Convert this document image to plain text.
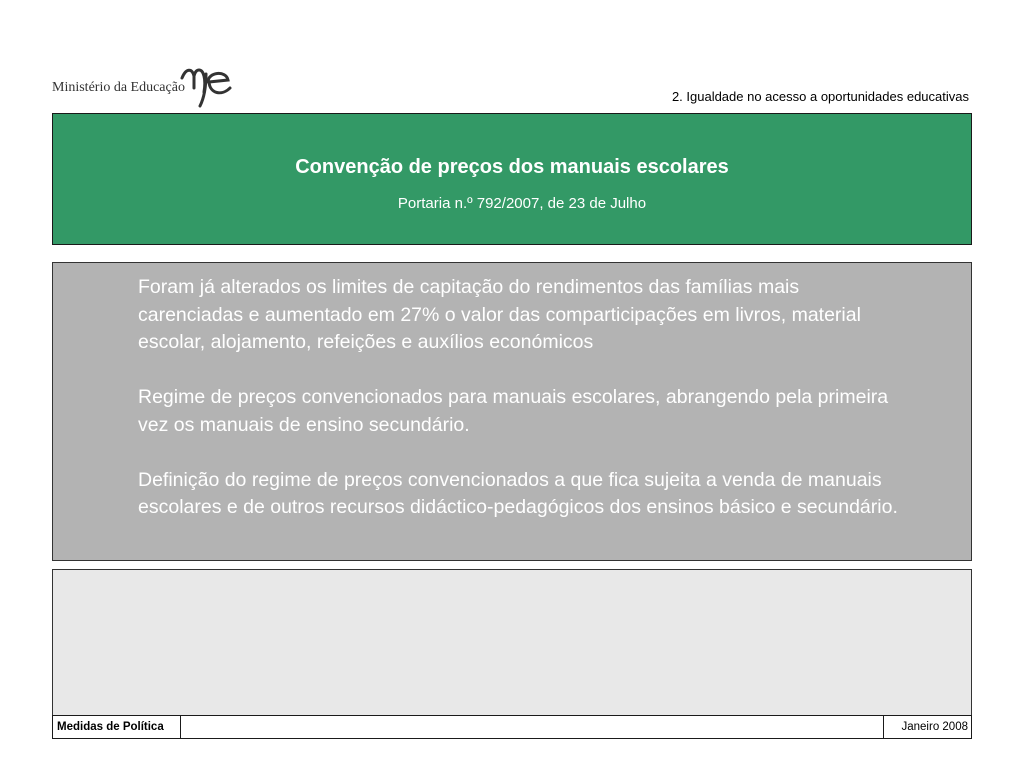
Ministério da Educação
2. Igualdade no acesso a oportunidades educativas
Convenção de preços dos manuais escolares
Portaria n.º 792/2007, de 23 de Julho

Foram já alterados os limites de capitação do rendimentos das famílias mais carenciadas e aumentado em 27% o valor das comparticipações em livros, material escolar, alojamento, refeições e auxílios económicos

Regime de preços convencionados para manuais escolares, abrangendo pela primeira vez os manuais de ensino secundário.

Definição do regime de preços convencionados a que fica sujeita a venda de manuais escolares e de outros recursos didáctico-pedagógicos dos ensinos básico e secundário.

Medidas de Política	Janeiro 2008
